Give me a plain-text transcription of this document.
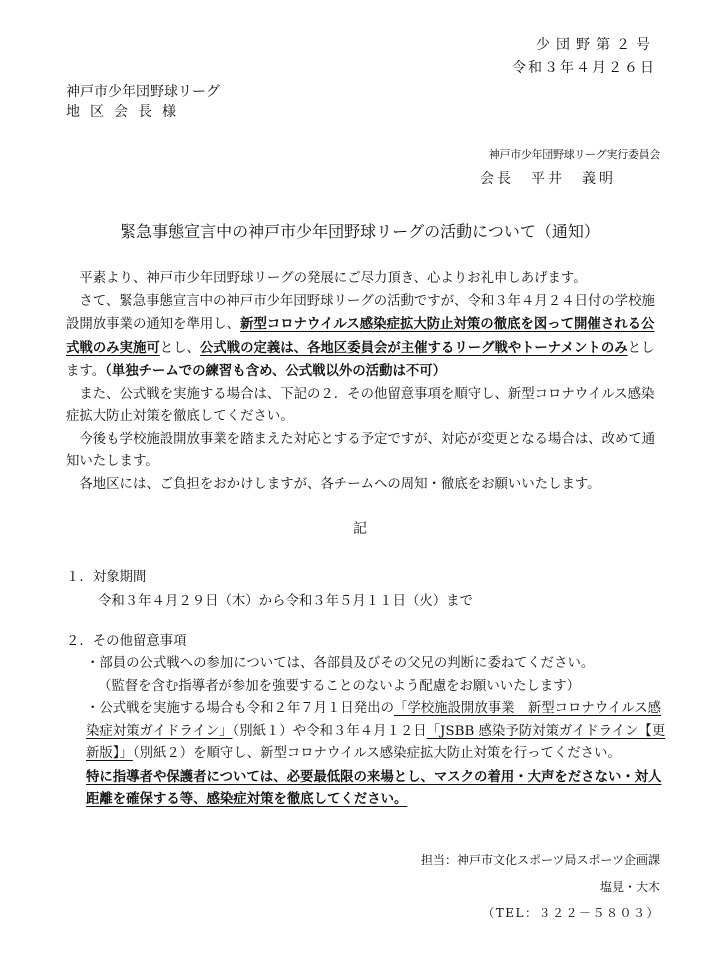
少団野第２号
令和３年４月２６日
神戸市少年団野球リーグ
地区会長様
神戸市少年団野球リーグ実行委員会
会長　平井　義明
緊急事態宣言中の神戸市少年団野球リーグの活動について（通知）

平素より、神戸市少年団野球リーグの発展にご尽力頂き、心よりお礼申しあげます。

さて、緊急事態宣言中の神戸市少年団野球リーグの活動ですが、令和３年４月２４日付の学校施設開放事業の通知を準用し、新型コロナウイルス感染症拡大防止対策の徹底を図って開催される公式戦のみ実施可とし、公式戦の定義は、各地区委員会が主催するリーグ戦やトーナメントのみとします。（単独チームでの練習も含め、公式戦以外の活動は不可）

また、公式戦を実施する場合は、下記の２．その他留意事項を順守し、新型コロナウイルス感染症拡大防止対策を徹底してください。

今後も学校施設開放事業を踏まえた対応とする予定ですが、対応が変更となる場合は、改めて通知いたします。

各地区には、ご負担をおかけしますが、各チームへの周知・徹底をお願いいたします。

記
１．対象期間
令和３年４月２９日（木）から令和３年５月１１日（火）まで
２．その他留意事項

・部員の公式戦への参加については、各部員及びその父兄の判断に委ねてください。

（監督を含む指導者が参加を強要することのないよう配慮をお願いいたします）

・公式戦を実施する場合も令和２年７月１日発出の「学校施設開放事業　新型コロナウイルス感染症対策ガイドライン」（別紙１）や令和３年４月１２日「JSBB 感染予防対策ガイドライン【更新版】」（別紙２）を順守し、新型コロナウイルス感染症拡大防止対策を行ってください。

特に指導者や保護者については、必要最低限の来場とし、マスクの着用・大声をださない・対人距離を確保する等、感染症対策を徹底してください。

担当：神戸市文化スポーツ局スポーツ企画課
塩見・大木
（TEL：３２２－５８０３）
